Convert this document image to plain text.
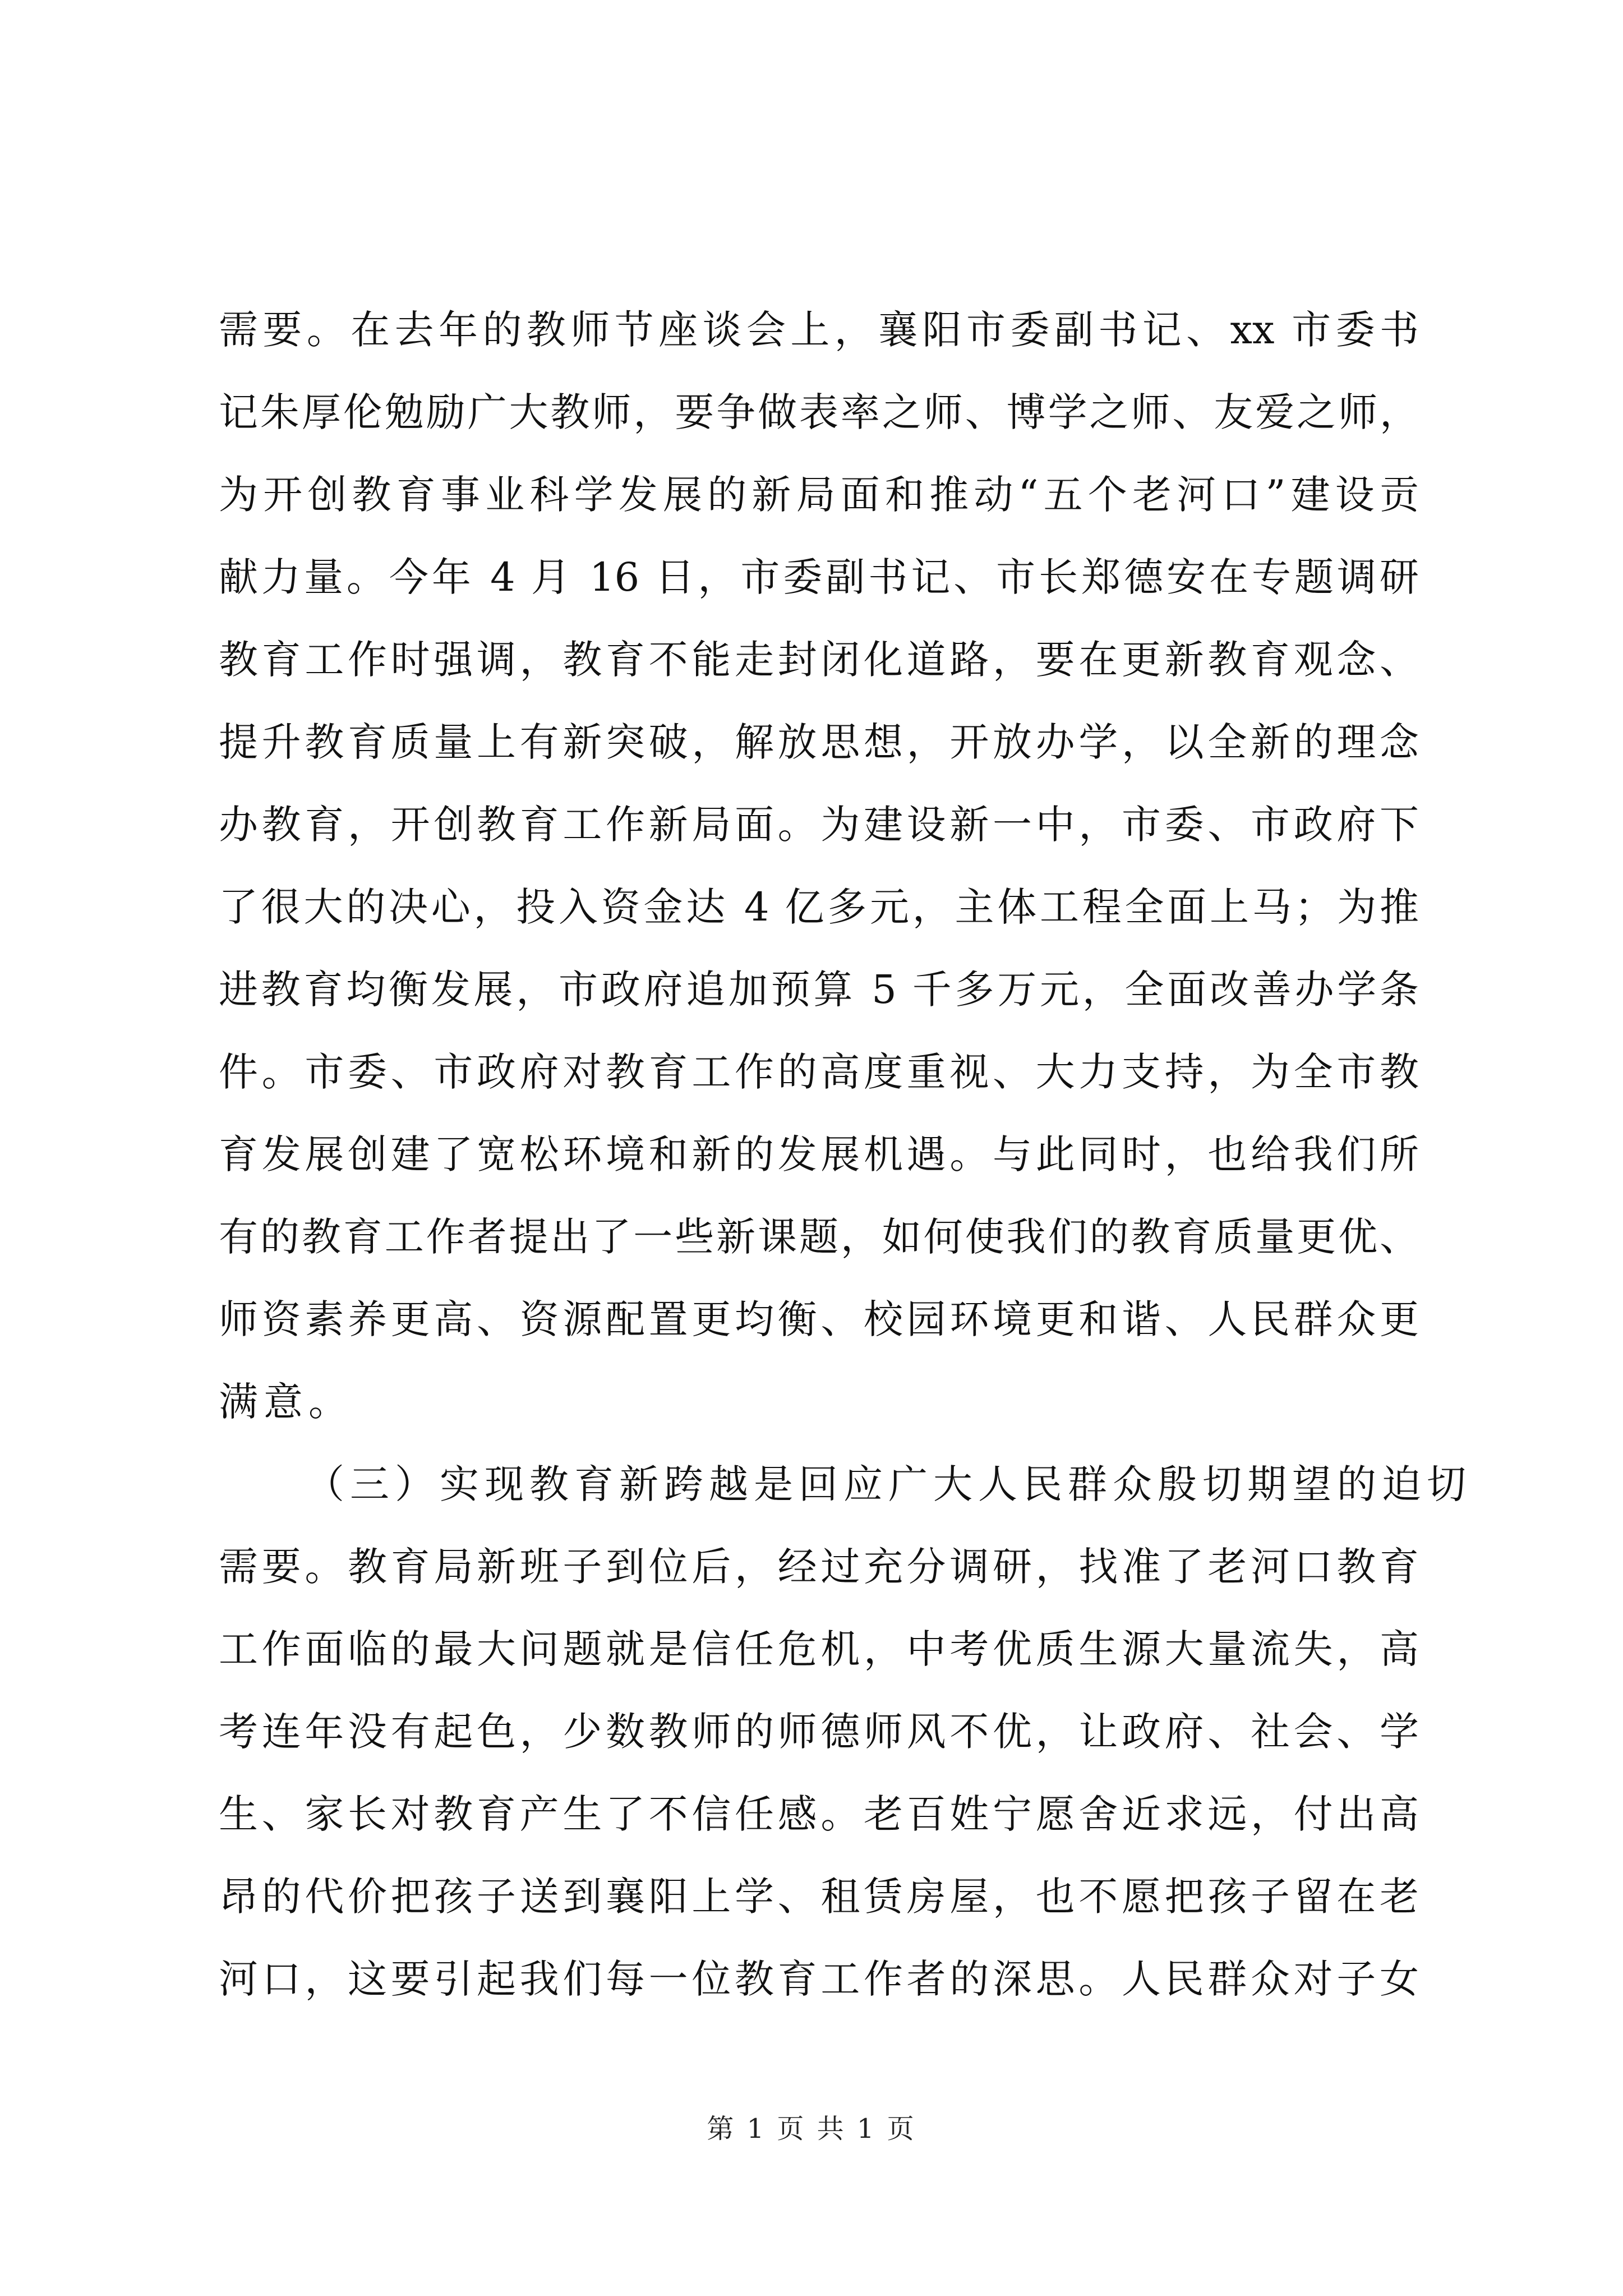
需要。在去年的教师节座谈会上，襄阳市委副书记、xx 市委书
记朱厚伦勉励广大教师，要争做表率之师、博学之师、友爱之师，
为开创教育事业科学发展的新局面和推动“五个老河口”建设贡
献力量。今年 4 月 16 日，市委副书记、市长郑德安在专题调研
教育工作时强调，教育不能走封闭化道路，要在更新教育观念、
提升教育质量上有新突破，解放思想，开放办学，以全新的理念
办教育，开创教育工作新局面。为建设新一中，市委、市政府下
了很大的决心，投入资金达 4 亿多元，主体工程全面上马；为推
进教育均衡发展，市政府追加预算 5 千多万元，全面改善办学条
件。市委、市政府对教育工作的高度重视、大力支持，为全市教
育发展创建了宽松环境和新的发展机遇。与此同时，也给我们所
有的教育工作者提出了一些新课题，如何使我们的教育质量更优、
师资素养更高、资源配置更均衡、校园环境更和谐、人民群众更
满意。
（三）实现教育新跨越是回应广大人民群众殷切期望的迫切
需要。教育局新班子到位后，经过充分调研，找准了老河口教育
工作面临的最大问题就是信任危机，中考优质生源大量流失，高
考连年没有起色，少数教师的师德师风不优，让政府、社会、学
生、家长对教育产生了不信任感。老百姓宁愿舍近求远，付出高
昂的代价把孩子送到襄阳上学、租赁房屋，也不愿把孩子留在老
河口，这要引起我们每一位教育工作者的深思。人民群众对子女
第 1 页 共 1 页
